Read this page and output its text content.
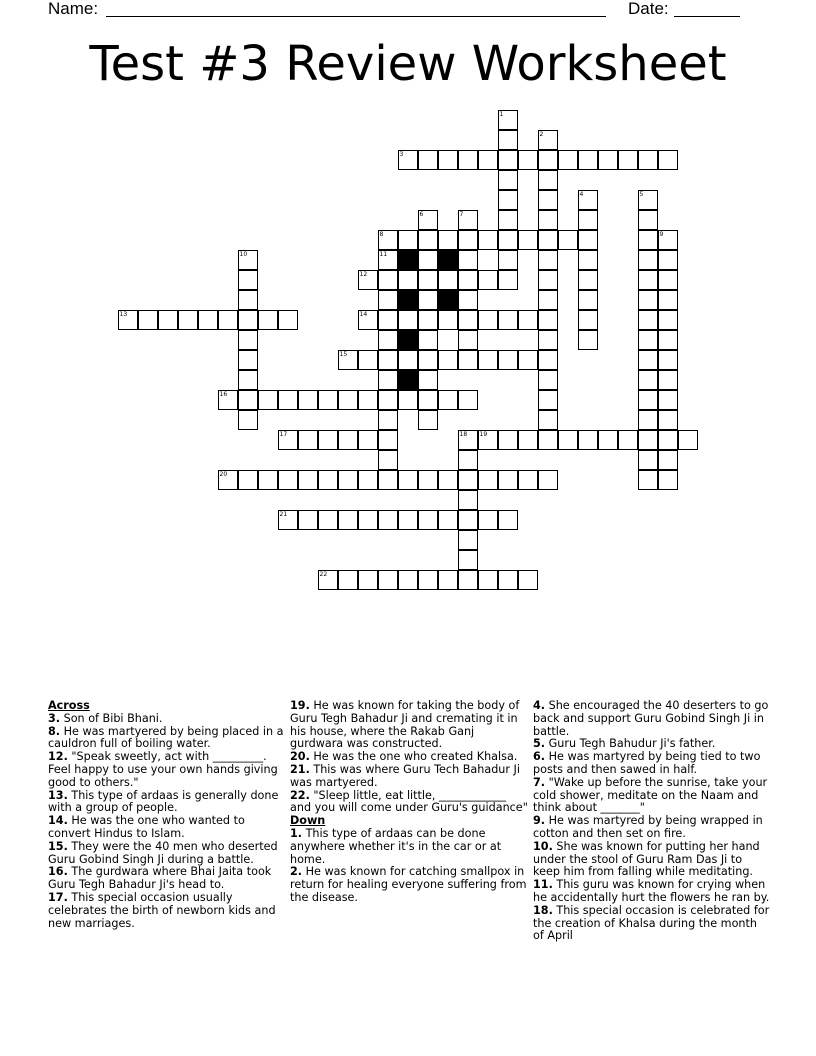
Name:	Date:
Test #3 Review Worksheet
3
8
12
13	14
15
16
17	19
20
21
22
1
2
4	5
6	7
9
10	11
18
Across
3. Son of Bibi Bhani.
8. He was martyered by being placed in a cauldron full of boiling water.
12. "Speak sweetly, act with _________. Feel happy to use your own hands giving good to others."
13. This type of ardaas is generally done with a group of people.
14. He was the one who wanted to convert Hindus to Islam.
15. They were the 40 men who deserted Guru Gobind Singh Ji during a battle.
16. The gurdwara where Bhai Jaita took Guru Tegh Bahadur Ji's head to.
17. This special occasion usually celebrates the birth of newborn kids and new marriages.
19. He was known for taking the body of Guru Tegh Bahadur Ji and cremating it in his house, where the Rakab Ganj gurdwara was constructed.
20. He was the one who created Khalsa.
21. This was where Guru Tech Bahadur Ji was martyered.
22. "Sleep little, eat little, ____________ and you will come under Guru's guidance"
Down
1. This type of ardaas can be done anywhere whether it's in the car or at home.
2. He was known for catching smallpox in return for healing everyone suffering from the disease.
4. She encouraged the 40 deserters to go back and support Guru Gobind Singh Ji in battle.
5. Guru Tegh Bahudur Ji's father.
6. He was martyred by being tied to two posts and then sawed in half.
7. "Wake up before the sunrise, take your cold shower, meditate on the Naam and think about _______"
9. He was martyred by being wrapped in cotton and then set on fire.
10. She was known for putting her hand under the stool of Guru Ram Das Ji to keep him from falling while meditating.
11. This guru was known for crying when he accidentally hurt the flowers he ran by.
18. This special occasion is celebrated for the creation of Khalsa during the month of April
